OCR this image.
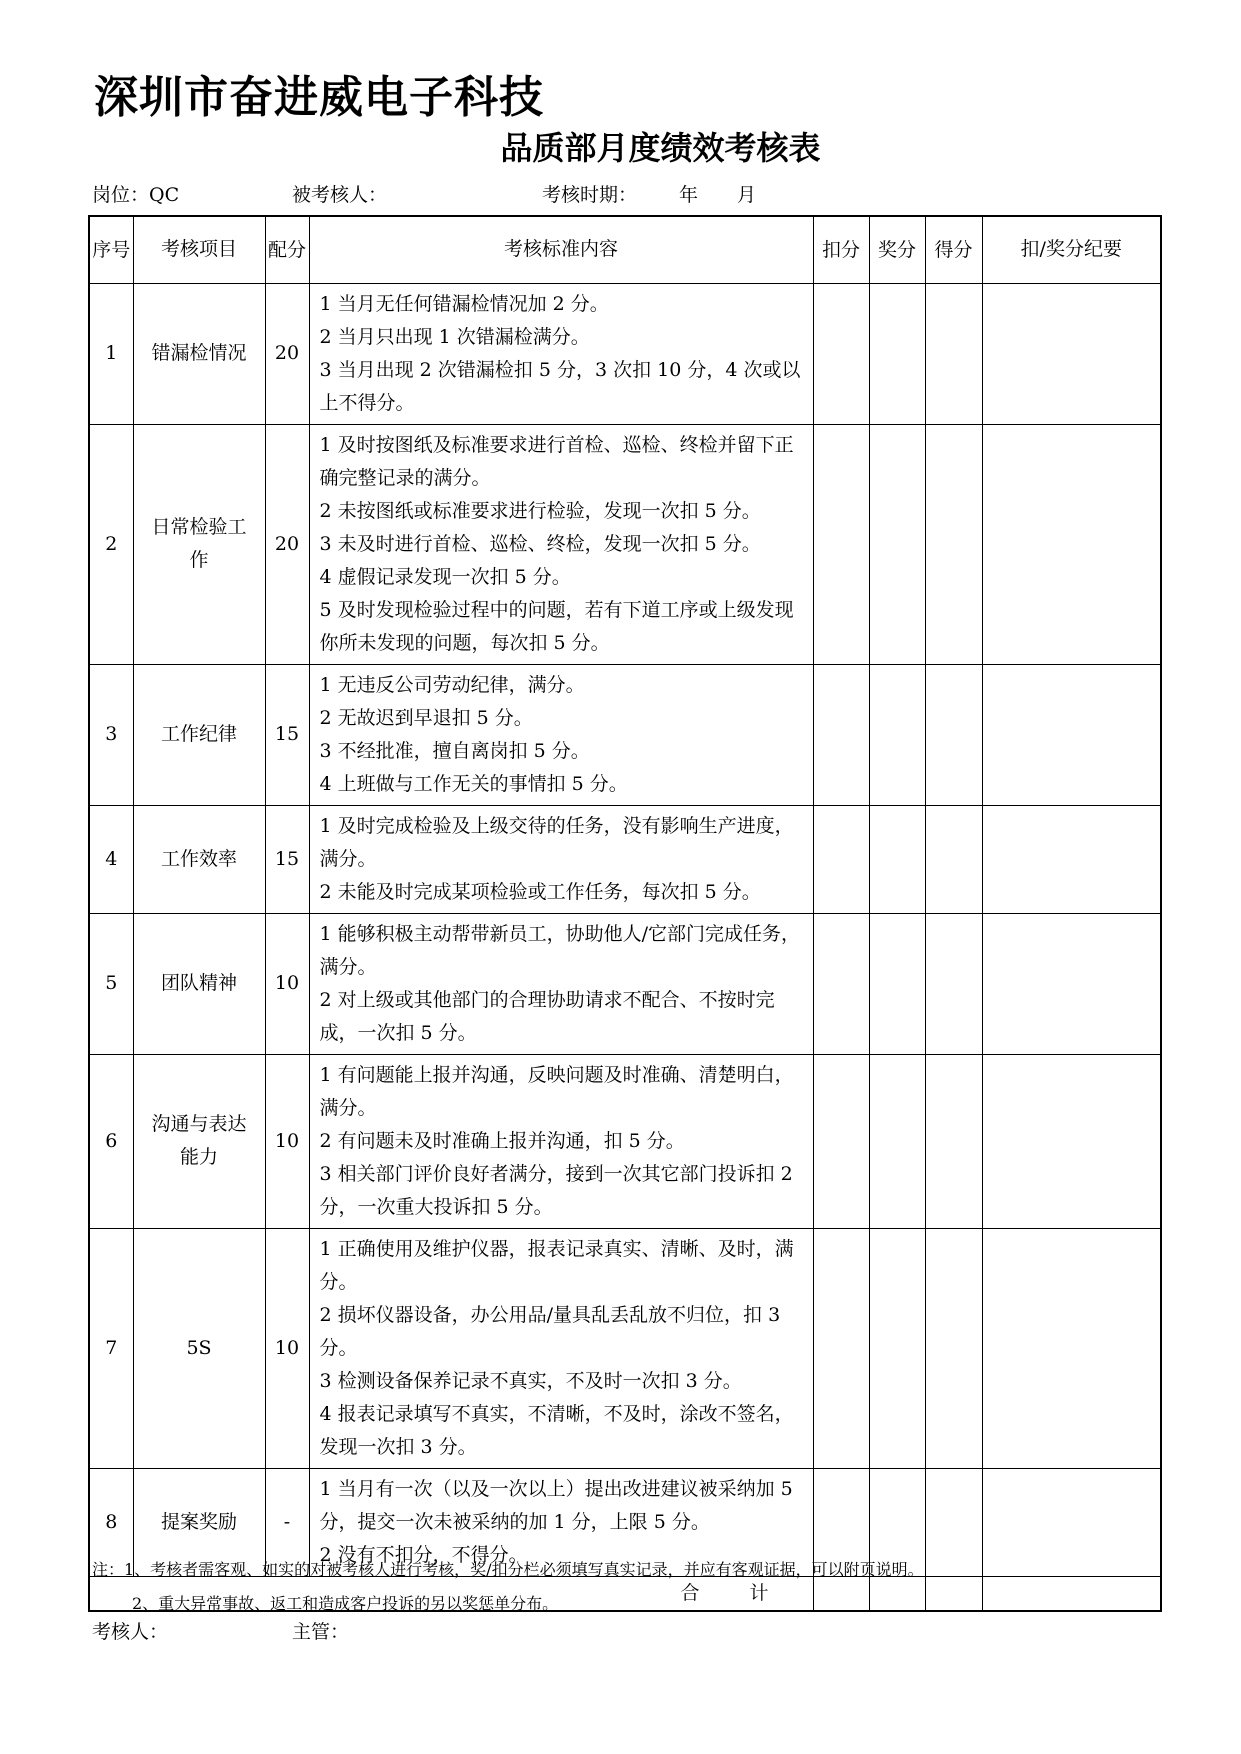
深圳市奋进威电子科技
品质部月度绩效考核表
岗位：QC	被考核人：	考核时期： 年 月
序号	考核项目	配分	考核标准内容	扣分	奖分	得分	扣/奖分纪要
1	错漏检情况	20	1 当月无任何错漏检情况加 2 分。
2 当月只出现 1 次错漏检满分。
3 当月出现 2 次错漏检扣 5 分，3 次扣 10 分，4 次或以上不得分。				

2	日常检验工作	20	1 及时按图纸及标准要求进行首检、巡检、终检并留下正确完整记录的满分。
2 未按图纸或标准要求进行检验，发现一次扣 5 分。
3 未及时进行首检、巡检、终检，发现一次扣 5 分。
4 虚假记录发现一次扣 5 分。
5 及时发现检验过程中的问题，若有下道工序或上级发现你所未发现的问题，每次扣 5 分。				

3	工作纪律	15	1 无违反公司劳动纪律，满分。
2 无故迟到早退扣 5 分。
3 不经批准，擅自离岗扣 5 分。
4 上班做与工作无关的事情扣 5 分。				

4	工作效率	15	1 及时完成检验及上级交待的任务，没有影响生产进度，满分。
2 未能及时完成某项检验或工作任务，每次扣 5 分。				

5	团队精神	10	1 能够积极主动帮带新员工，协助他人/它部门完成任务，满分。
2 对上级或其他部门的合理协助请求不配合、不按时完成，一次扣 5 分。				

6	沟通与表达能力	10	1 有问题能上报并沟通，反映问题及时准确、清楚明白，满分。
2 有问题未及时准确上报并沟通，扣 5 分。
3 相关部门评价良好者满分，接到一次其它部门投诉扣 2 分，一次重大投诉扣 5 分。				

7	5S	10	1 正确使用及维护仪器，报表记录真实、清晰、及时，满分。
2 损坏仪器设备，办公用品/量具乱丢乱放不归位，扣 3 分。
3 检测设备保养记录不真实，不及时一次扣 3 分。
4 报表记录填写不真实，不清晰，不及时，涂改不签名，发现一次扣 3 分。				

8	提案奖励	-	1 当月有一次（以及一次以上）提出改进建议被采纳加 5 分，提交一次未被采纳的加 1 分，上限 5 分。
2 没有不扣分，不得分。				

合 计							
注：1、考核者需客观、如实的对被考核人进行考核，奖/扣分栏必须填写真实记录，并应有客观证据，可以附页说明。
2、重大异常事故、返工和造成客户投诉的另以奖惩单分布。
考核人：	主管：
